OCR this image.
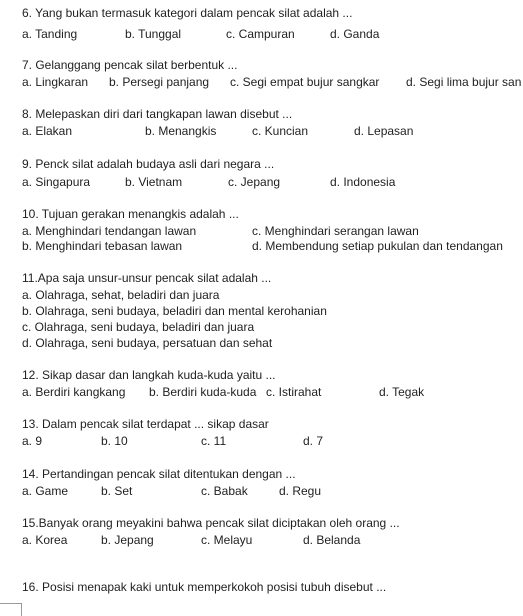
6. Yang bukan termasuk kategori dalam pencak silat adalah ...
a. Tanding	b. Tunggal	c. Campuran	d. Ganda
7. Gelanggang pencak silat berbentuk ...
a. Lingkaran b. Persegi panjang c. Segi empat bujur sangkar d. Segi lima bujur san
8. Melepaskan diri dari tangkapan lawan disebut ...
a. Elakan	b. Menangkis	c. Kuncian	d. Lepasan
9. Penck silat adalah budaya asli dari negara ...
a. Singapura	b. Vietnam	c. Jepang	d. Indonesia
10. Tujuan gerakan menangkis adalah ...
a. Menghindari tendangan lawan	c. Menghindari serangan lawan
b. Menghindari tebasan lawan	d. Membendung setiap pukulan dan tendangan
11.Apa saja unsur-unsur pencak silat adalah ...
a. Olahraga, sehat, beladiri dan juara
b. Olahraga, seni budaya, beladiri dan mental kerohanian
c. Olahraga, seni budaya, beladiri dan juara
d. Olahraga, seni budaya, persatuan dan sehat
12. Sikap dasar dan langkah kuda-kuda yaitu ...
a. Berdiri kangkang b. Berdiri kuda-kuda c. Istirahat	d. Tegak
13. Dalam pencak silat terdapat ... sikap dasar
a. 9	b. 10	c. 11	d. 7
14. Pertandingan pencak silat ditentukan dengan ...
a. Game	b. Set	c. Babak	d. Regu
15.Banyak orang meyakini bahwa pencak silat diciptakan oleh orang ...
a. Korea	b. Jepang	c. Melayu	d. Belanda
16. Posisi menapak kaki untuk memperkokoh posisi tubuh disebut ...
